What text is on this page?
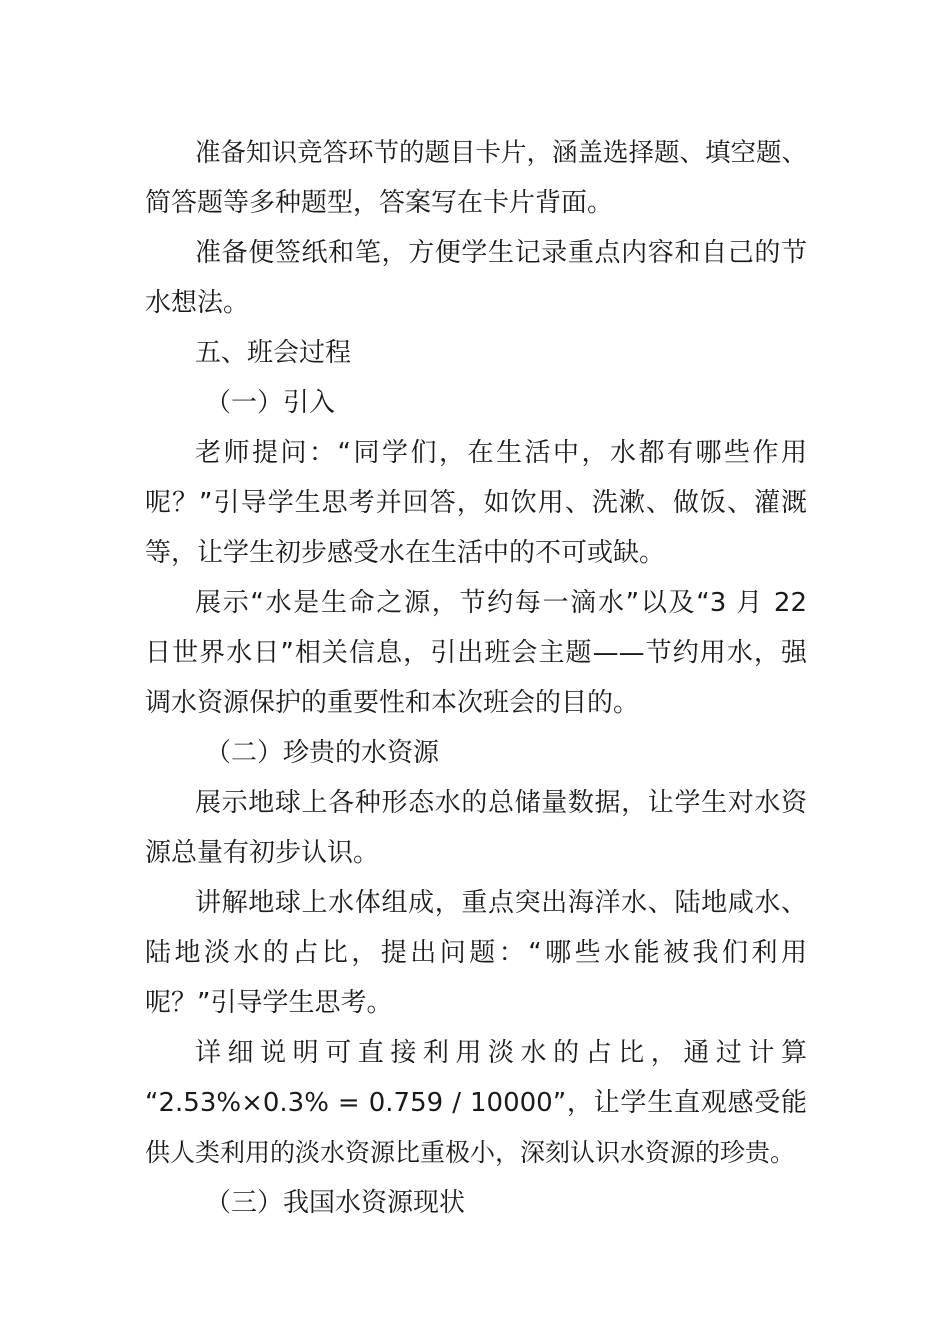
准备知识竞答环节的题目卡片，涵盖选择题、填空题、
简答题等多种题型，答案写在卡片背面。
准备便签纸和笔，方便学生记录重点内容和自己的节
水想法。
五、班会过程
（一）引入
老师提问：“同学们，在生活中，水都有哪些作用
呢？”引导学生思考并回答，如饮用、洗漱、做饭、灌溉
等，让学生初步感受水在生活中的不可或缺。
展示“水是生命之源，节约每一滴水”以及“3 月 22
日世界水日”相关信息，引出班会主题——节约用水，强
调水资源保护的重要性和本次班会的目的。
（二）珍贵的水资源
展示地球上各种形态水的总储量数据，让学生对水资
源总量有初步认识。
讲解地球上水体组成，重点突出海洋水、陆地咸水、
陆地淡水的占比，提出问题：“哪些水能被我们利用
呢？”引导学生思考。
详细说明可直接利用淡水的占比，通过计算
“2.53%×0.3% = 0.759 / 10000”，让学生直观感受能
供人类利用的淡水资源比重极小，深刻认识水资源的珍贵。
（三）我国水资源现状
